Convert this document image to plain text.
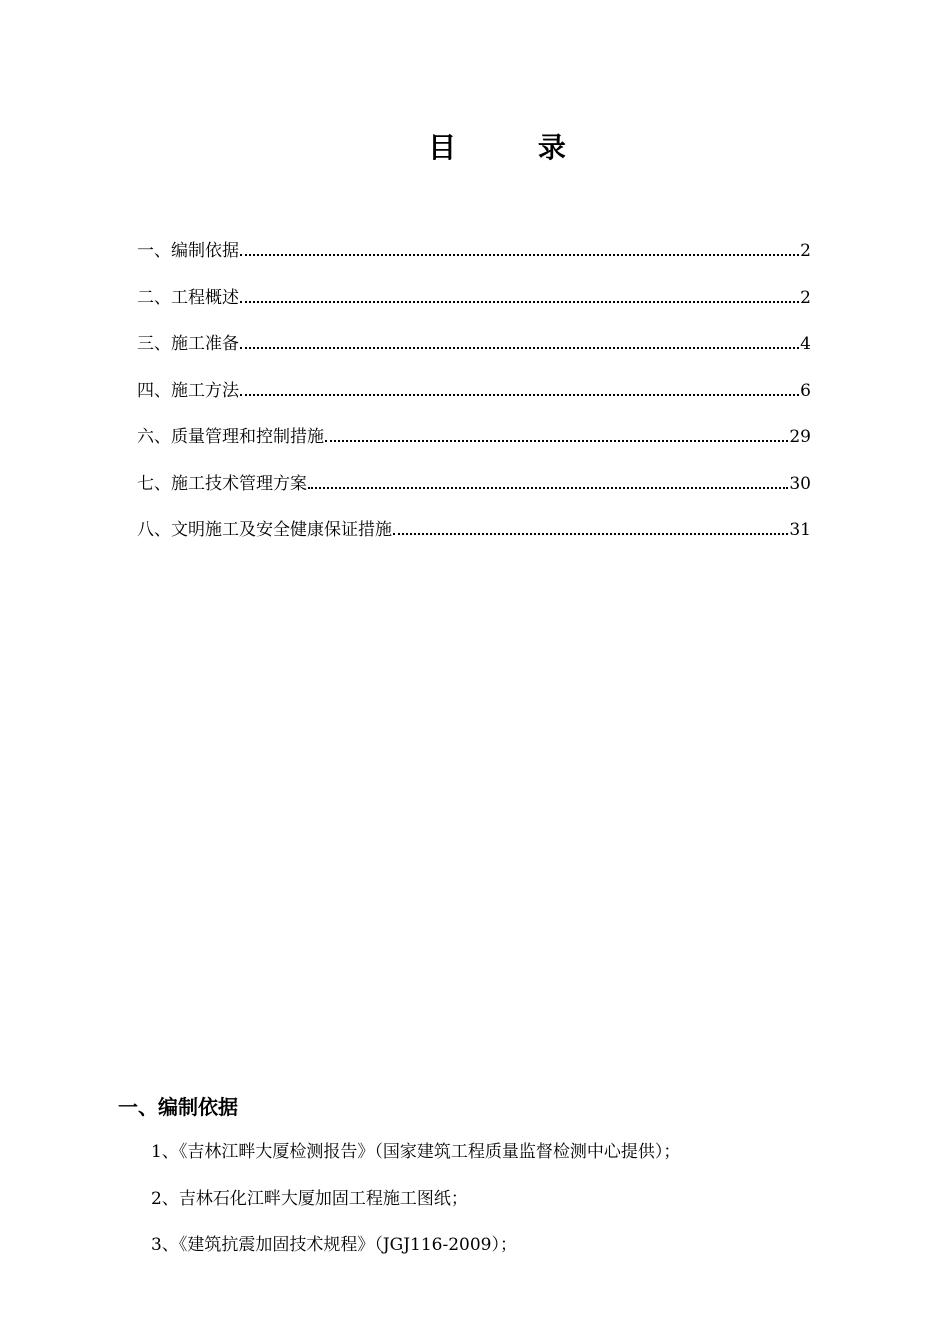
目 录
一、编制依据	2
二、工程概述	2
三、施工准备	4
四、施工方法	6
六、质量管理和控制措施	29
七、施工技术管理方案	30
八、文明施工及安全健康保证措施	31
一、编制依据
1、《吉林江畔大厦检测报告》（国家建筑工程质量监督检测中心提供）；
2、吉林石化江畔大厦加固工程施工图纸；
3、《建筑抗震加固技术规程》（JGJ116-2009）；
